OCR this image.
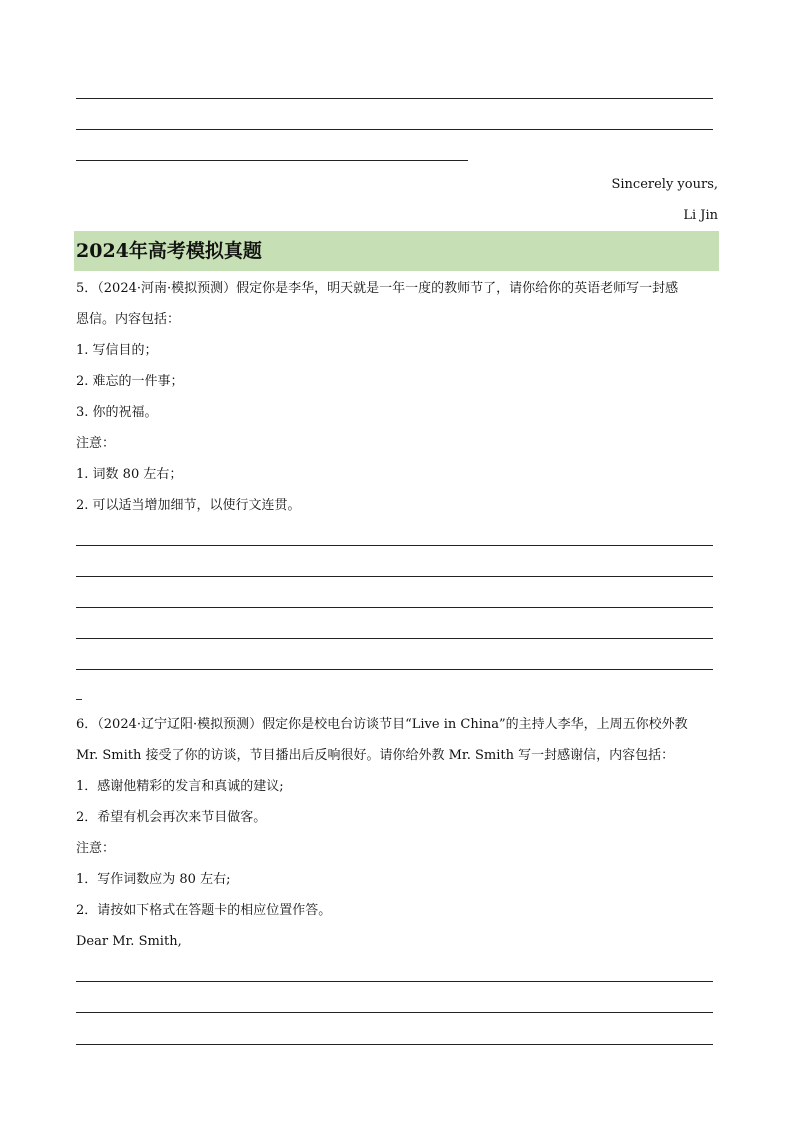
Sincerely yours,
Li Jin
2024年高考模拟真题
5．（2024·河南·模拟预测）假定你是李华，明天就是一年一度的教师节了，请你给你的英语老师写一封感
恩信。内容包括：
1. 写信目的；
2. 难忘的一件事；
3. 你的祝福。
注意：
1. 词数 80 左右；
2. 可以适当增加细节，以使行文连贯。
6．（2024·辽宁辽阳·模拟预测）假定你是校电台访谈节目“Live in China”的主持人李华，上周五你校外教
Mr. Smith 接受了你的访谈，节目播出后反响很好。请你给外教 Mr. Smith 写一封感谢信，内容包括：
1．感谢他精彩的发言和真诚的建议;
2．希望有机会再次来节目做客。
注意：
1．写作词数应为 80 左右;
2．请按如下格式在答题卡的相应位置作答。
Dear Mr. Smith,
